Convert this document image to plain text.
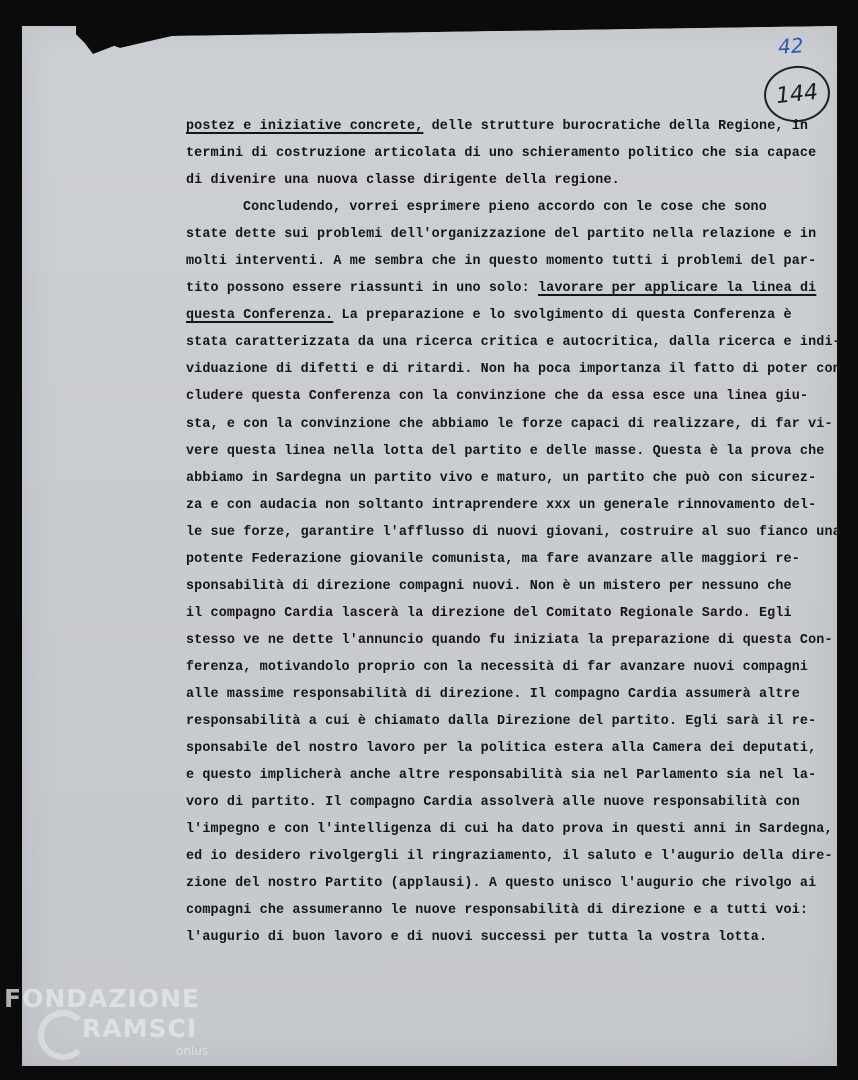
42
144
postez e iniziative concrete, delle strutture burocratiche della Regione, in
termini di costruzione articolata di uno schieramento politico che sia capace
di divenire una nuova classe dirigente della regione.
Concludendo, vorrei esprimere pieno accordo con le cose che sono
state dette sui problemi dell'organizzazione del partito nella relazione e in
molti interventi. A me sembra che in questo momento tutti i problemi del par-
tito possono essere riassunti in uno solo: lavorare per applicare la linea di
questa Conferenza. La preparazione e lo svolgimento di questa Conferenza è
stata caratterizzata da una ricerca critica e autocritica, dalla ricerca e indi-
viduazione di difetti e di ritardi. Non ha poca importanza il fatto di poter con-
cludere questa Conferenza con la convinzione che da essa esce una linea giu-
sta, e con la convinzione che abbiamo le forze capaci di realizzare, di far vi-
vere questa linea nella lotta del partito e delle masse. Questa è la prova che
abbiamo in Sardegna un partito vivo e maturo, un partito che può con sicurez-
za e con audacia non soltanto intraprendere xxx un generale rinnovamento del-
le sue forze, garantire l'afflusso di nuovi giovani, costruire al suo fianco una
potente Federazione giovanile comunista, ma fare avanzare alle maggiori re-
sponsabilità di direzione compagni nuovi. Non è un mistero per nessuno che
il compagno Cardia lascerà la direzione del Comitato Regionale Sardo. Egli
stesso ve ne dette l'annuncio quando fu iniziata la preparazione di questa Con-
ferenza, motivandolo proprio con la necessità di far avanzare nuovi compagni
alle massime responsabilità di direzione. Il compagno Cardia assumerà altre
responsabilità a cui è chiamato dalla Direzione del partito. Egli sarà il re-
sponsabile del nostro lavoro per la politica estera alla Camera dei deputati,
e questo implicherà anche altre responsabilità sia nel Parlamento sia nel la-
voro di partito. Il compagno Cardia assolverà alle nuove responsabilità con
l'impegno e con l'intelligenza di cui ha dato prova in questi anni in Sardegna,
ed io desidero rivolgergli il ringraziamento, il saluto e l'augurio della dire-
zione del nostro Partito (applausi). A questo unisco l'augurio che rivolgo ai
compagni che assumeranno le nuove responsabilità di direzione e a tutti voi:
l'augurio di buon lavoro e di nuovi successi per tutta la vostra lotta.
FONDAZIONE
RAMSCI
onlus
